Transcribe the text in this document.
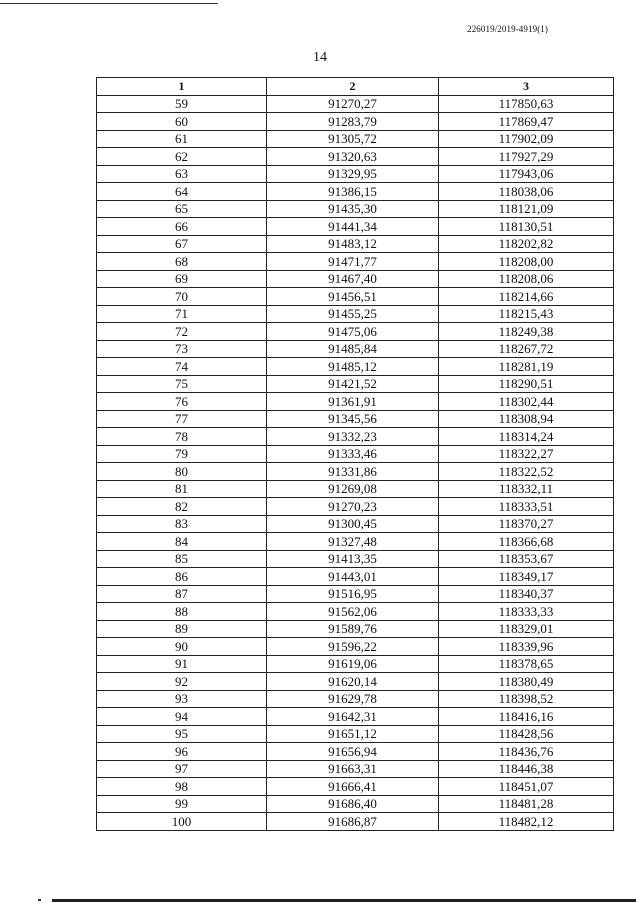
226019/2019-4919(1)
14
1	2	3
59	91270,27	117850,63
60	91283,79	117869,47
61	91305,72	117902,09
62	91320,63	117927,29
63	91329,95	117943,06
64	91386,15	118038,06
65	91435,30	118121,09
66	91441,34	118130,51
67	91483,12	118202,82
68	91471,77	118208,00
69	91467,40	118208,06
70	91456,51	118214,66
71	91455,25	118215,43
72	91475,06	118249,38
73	91485,84	118267,72
74	91485,12	118281,19
75	91421,52	118290,51
76	91361,91	118302,44
77	91345,56	118308,94
78	91332,23	118314,24
79	91333,46	118322,27
80	91331,86	118322,52
81	91269,08	118332,11
82	91270,23	118333,51
83	91300,45	118370,27
84	91327,48	118366,68
85	91413,35	118353,67
86	91443,01	118349,17
87	91516,95	118340,37
88	91562,06	118333,33
89	91589,76	118329,01
90	91596,22	118339,96
91	91619,06	118378,65
92	91620,14	118380,49
93	91629,78	118398,52
94	91642,31	118416,16
95	91651,12	118428,56
96	91656,94	118436,76
97	91663,31	118446,38
98	91666,41	118451,07
99	91686,40	118481,28
100	91686,87	118482,12
